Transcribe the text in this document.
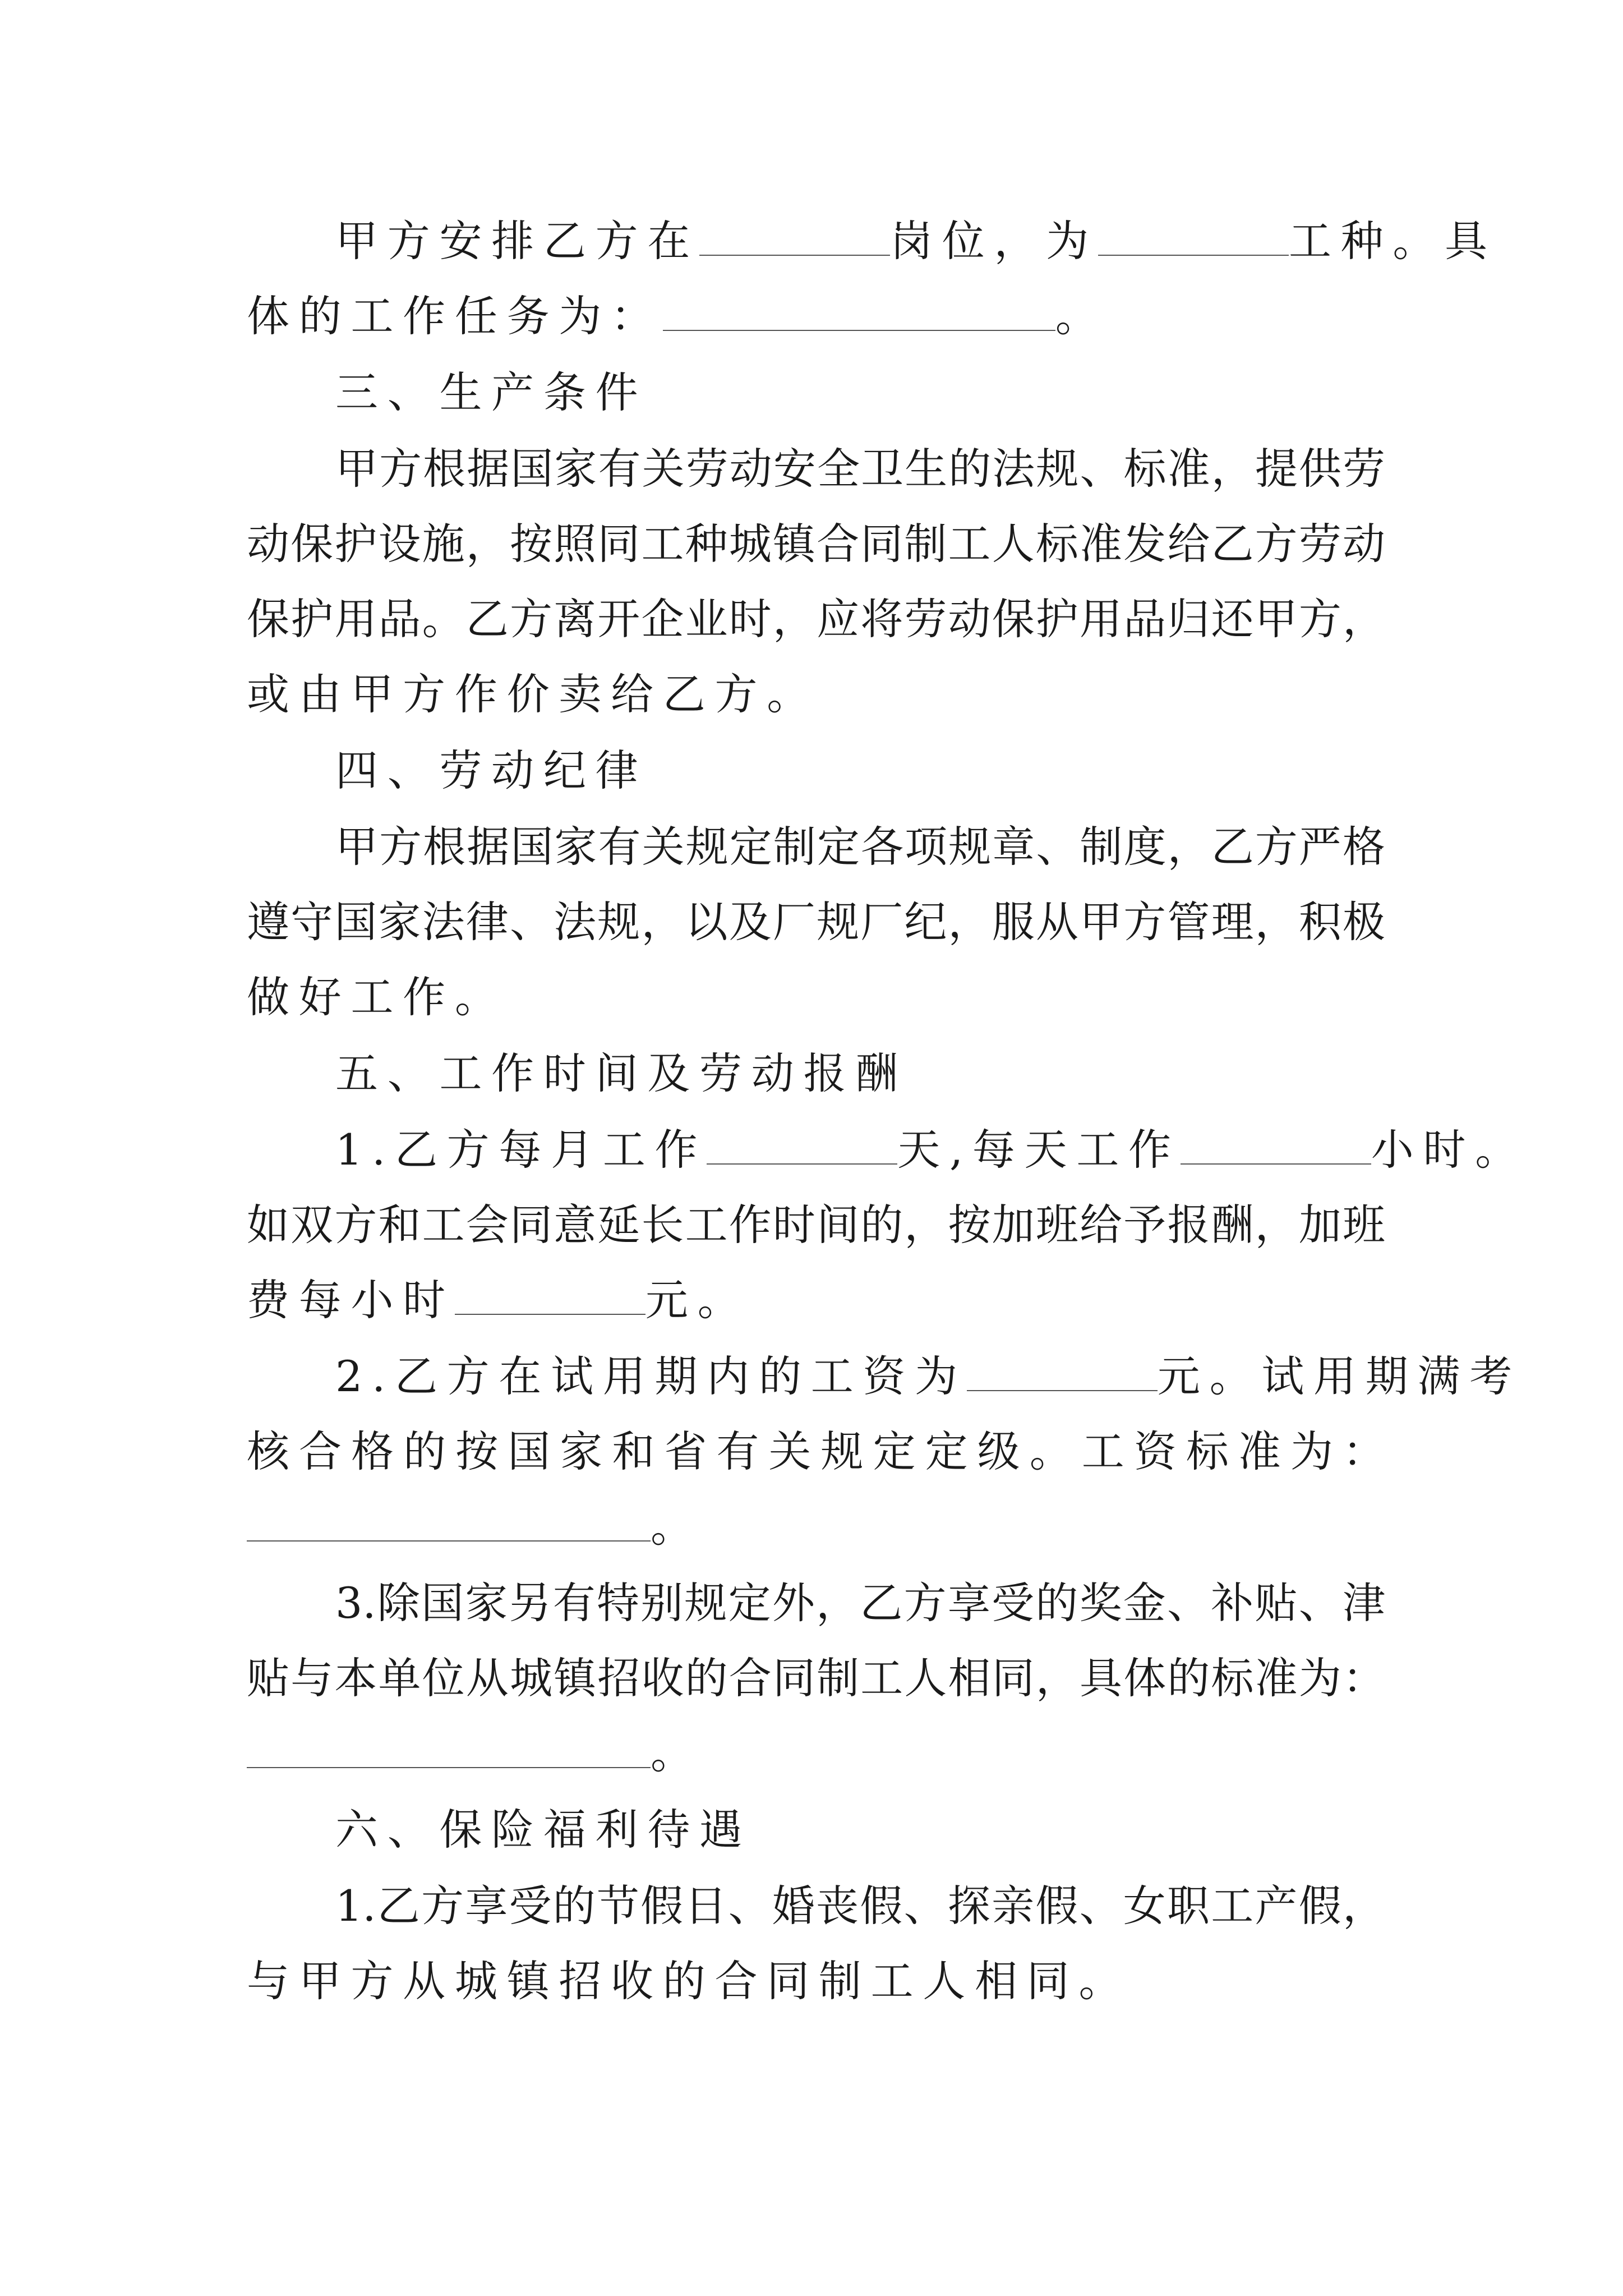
甲方安排乙方在	岗位，为	工种。具
体的工作任务为：	。
三、生产条件
甲方根据国家有关劳动安全卫生的法规、标准，提供劳
动保护设施，按照同工种城镇合同制工人标准发给乙方劳动
保护用品。乙方离开企业时，应将劳动保护用品归还甲方，
或由甲方作价卖给乙方。
四、劳动纪律
甲方根据国家有关规定制定各项规章、制度，乙方严格
遵守国家法律、法规，以及厂规厂纪，服从甲方管理，积极
做好工作。
五、工作时间及劳动报酬
1.乙方每月工作	天,每天工作	小时。
如双方和工会同意延长工作时间的，按加班给予报酬，加班
费每小时	元。
2.乙方在试用期内的工资为	元。试用期满考
核合格的按国家和省有关规定定级。工资标准为：
。
3.除国家另有特别规定外，乙方享受的奖金、补贴、津
贴与本单位从城镇招收的合同制工人相同，具体的标准为：
。
六、保险福利待遇
1.乙方享受的节假日、婚丧假、探亲假、女职工产假，
与甲方从城镇招收的合同制工人相同。
